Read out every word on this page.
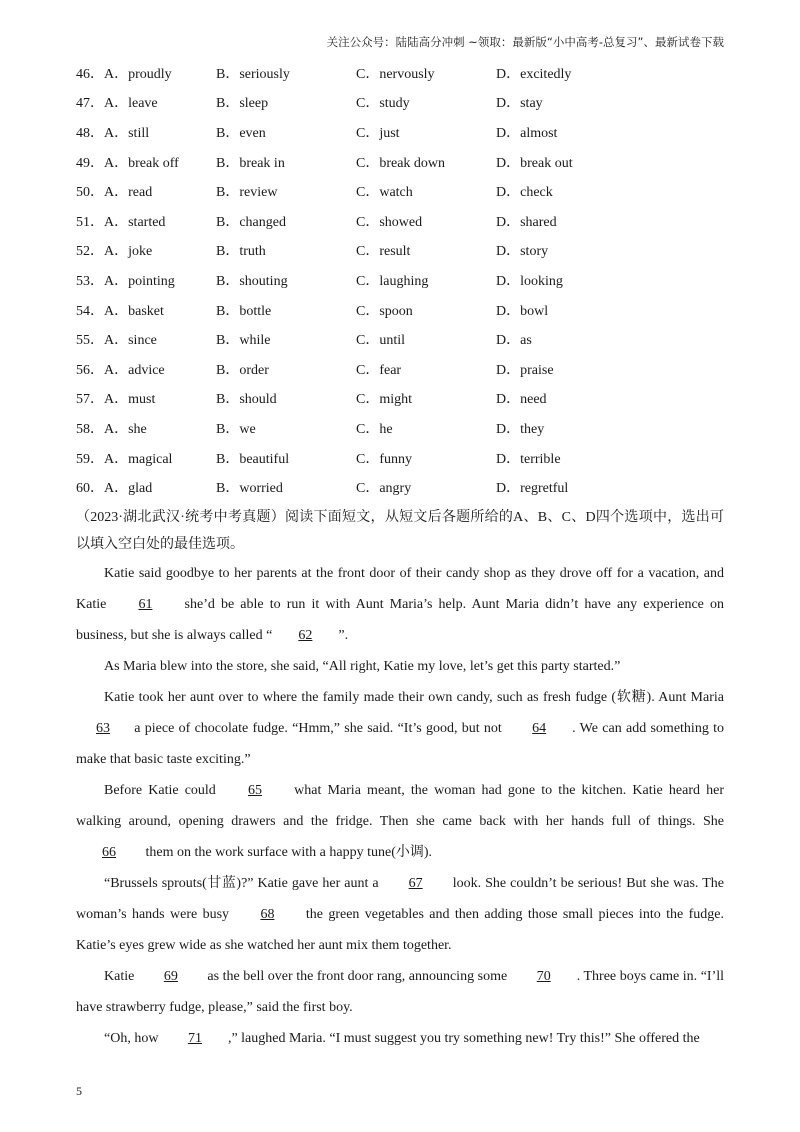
关注公众号：陆陆高分冲刺 ~领取：最新版“小中高考-总复习”、最新试卷下载
46．A．proudly	B．seriously	C．nervously	D．excitedly
47．A．leave	B．sleep	C．study	D．stay
48．A．still	B．even	C．just	D．almost
49．A．break off	B．break in	C．break down	D．break out
50．A．read	B．review	C．watch	D．check
51．A．started	B．changed	C．showed	D．shared
52．A．joke	B．truth	C．result	D．story
53．A．pointing	B．shouting	C．laughing	D．looking
54．A．basket	B．bottle	C．spoon	D．bowl
55．A．since	B．while	C．until	D．as
56．A．advice	B．order	C．fear	D．praise
57．A．must	B．should	C．might	D．need
58．A．she	B．we	C．he	D．they
59．A．magical	B．beautiful	C．funny	D．terrible
60．A．glad	B．worried	C．angry	D．regretful

（2023·湖北武汉·统考中考真题）阅读下面短文，从短文后各题所给的A、B、C、D四个选项中，选出可以填入空白处的最佳选项。

Katie said goodbye to her parents at the front door of their candy shop as they drove off for a vacation, and Katie 61 she’d be able to run it with Aunt Maria’s help. Aunt Maria didn’t have any experience on business, but she is always called “ 62 ”.

As Maria blew into the store, she said, “All right, Katie my love, let’s get this party started.”

Katie took her aunt over to where the family made their own candy, such as fresh fudge (软糖). Aunt Maria 63 a piece of chocolate fudge. “Hmm,” she said. “It’s good, but not 64 . We can add something to make that basic taste exciting.”

Before Katie could 65 what Maria meant, the woman had gone to the kitchen. Katie heard her walking around, opening drawers and the fridge. Then she came back with her hands full of things. She 66 them on the work surface with a happy tune(小调).

“Brussels sprouts(甘蓝)?” Katie gave her aunt a 67 look. She couldn’t be serious! But she was. The woman’s hands were busy 68 the green vegetables and then adding those small pieces into the fudge. Katie’s eyes grew wide as she watched her aunt mix them together.

Katie 69 as the bell over the front door rang, announcing some 70 . Three boys came in. “I’ll have strawberry fudge, please,” said the first boy.

“Oh, how 71 ,” laughed Maria. “I must suggest you try something new! Try this!” She offered the

5
